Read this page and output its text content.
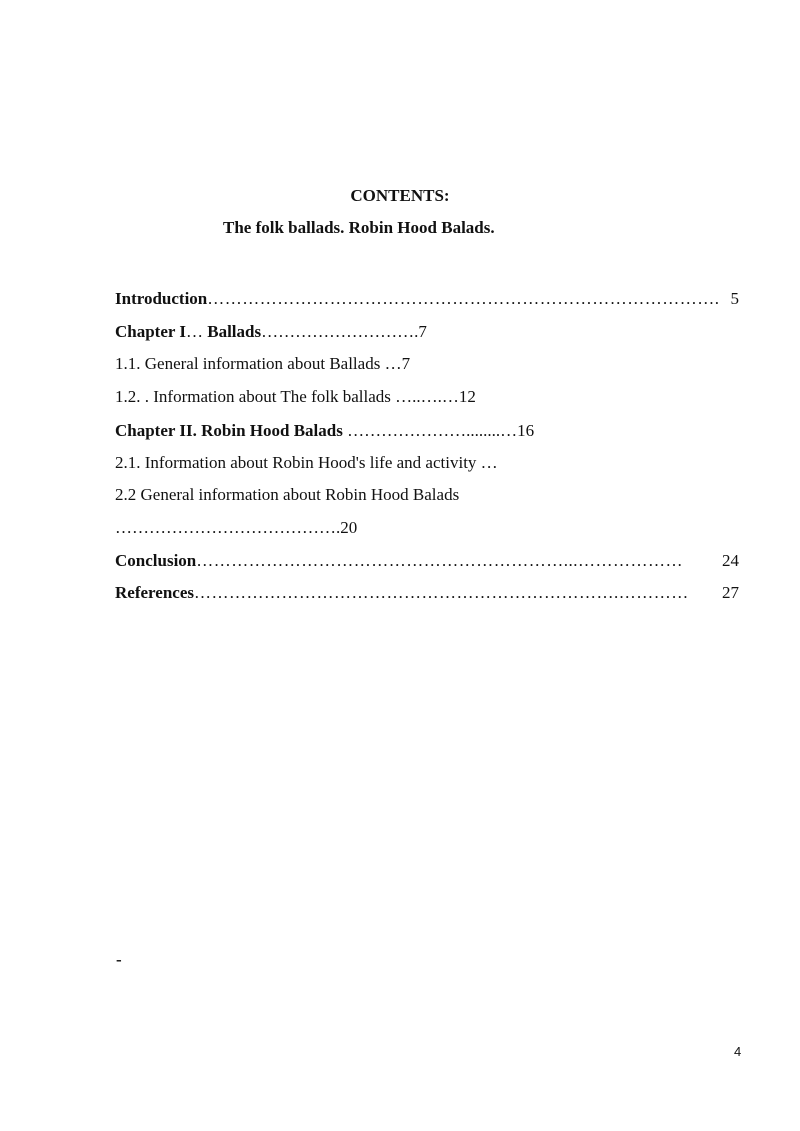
CONTENTS:
The folk ballads. Robin Hood Balads.
Introduction ……………………………………………………………………………. 5
Chapter I… Ballads……………………….7
1.1. General information about Ballads …7
1.2. . Information about The folk ballads …..….…12
Chapter II. Robin Hood Balads …………………........…16
2.1. Information about Robin Hood's life and activity …
2.2 General information about Robin Hood Balads
………………………………….20
Conclusion ………………………………………………………...………………	24
References ……………………………………………………………….…………	27
-
4
